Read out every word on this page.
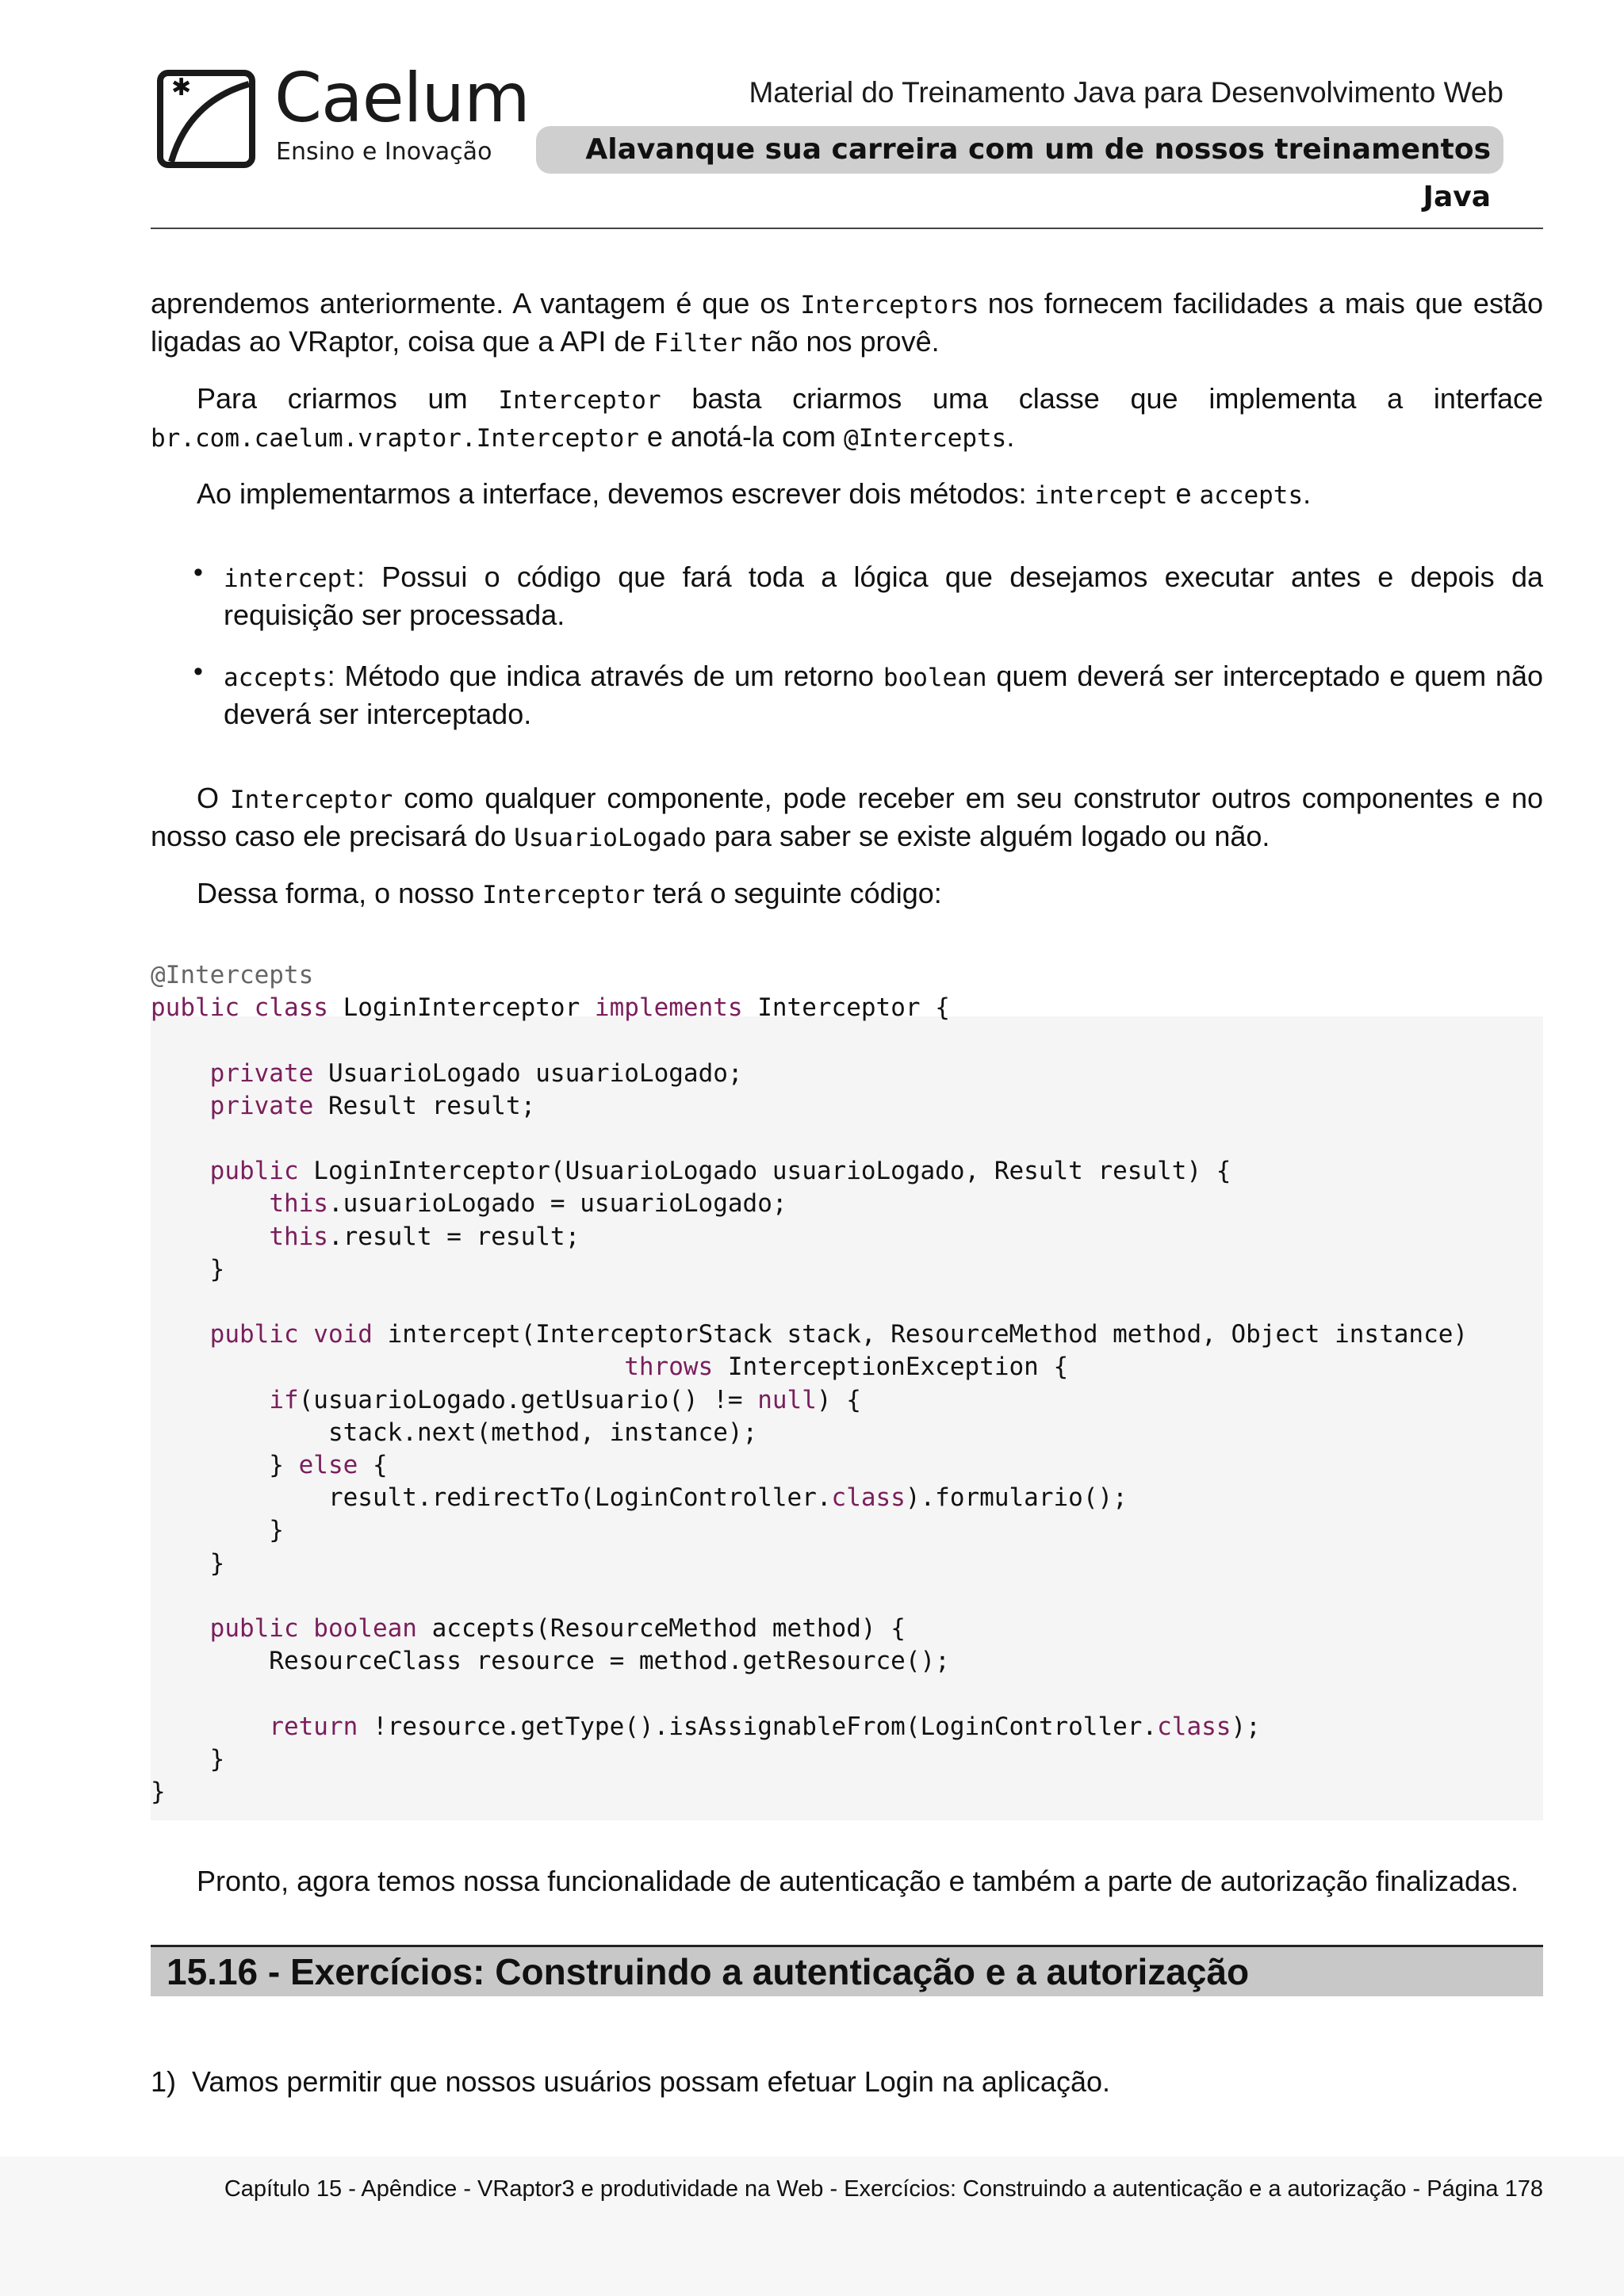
✱ Caelum
Ensino e Inovação
Material do Treinamento Java para Desenvolvimento Web
Alavanque sua carreira com um de nossos treinamentos Java
aprendemos anteriormente. A vantagem é que os Interceptors nos fornecem facilidades a mais que estão ligadas ao VRaptor, coisa que a API de Filter não nos provê.
Para criarmos um Interceptor basta criarmos uma classe que implementa a interface br.com.caelum.vraptor.Interceptor e anotá-la com @Intercepts.
Ao implementarmos a interface, devemos escrever dois métodos: intercept e accepts.
• intercept: Possui o código que fará toda a lógica que desejamos executar antes e depois da requisição ser processada.
• accepts: Método que indica através de um retorno boolean quem deverá ser interceptado e quem não deverá ser interceptado.
O Interceptor como qualquer componente, pode receber em seu construtor outros componentes e no nosso caso ele precisará do UsuarioLogado para saber se existe alguém logado ou não.
Dessa forma, o nosso Interceptor terá o seguinte código:
@Intercepts
public class LoginInterceptor implements Interceptor {

private UsuarioLogado usuarioLogado;
private Result result;

public LoginInterceptor(UsuarioLogado usuarioLogado, Result result) {
this.usuarioLogado = usuarioLogado;
this.result = result;
}

public void intercept(InterceptorStack stack, ResourceMethod method, Object instance)
throws InterceptionException {
if(usuarioLogado.getUsuario() != null) {
stack.next(method, instance);
} else {
result.redirectTo(LoginController.class).formulario();
}
}

public boolean accepts(ResourceMethod method) {
ResourceClass resource = method.getResource();

return !resource.getType().isAssignableFrom(LoginController.class);
}
}
Pronto, agora temos nossa funcionalidade de autenticação e também a parte de autorização finalizadas.
15.16 - Exercícios: Construindo a autenticação e a autorização
1) Vamos permitir que nossos usuários possam efetuar Login na aplicação.
Capítulo 15 - Apêndice - VRaptor3 e produtividade na Web - Exercícios: Construindo a autenticação e a autorização - Página 178
